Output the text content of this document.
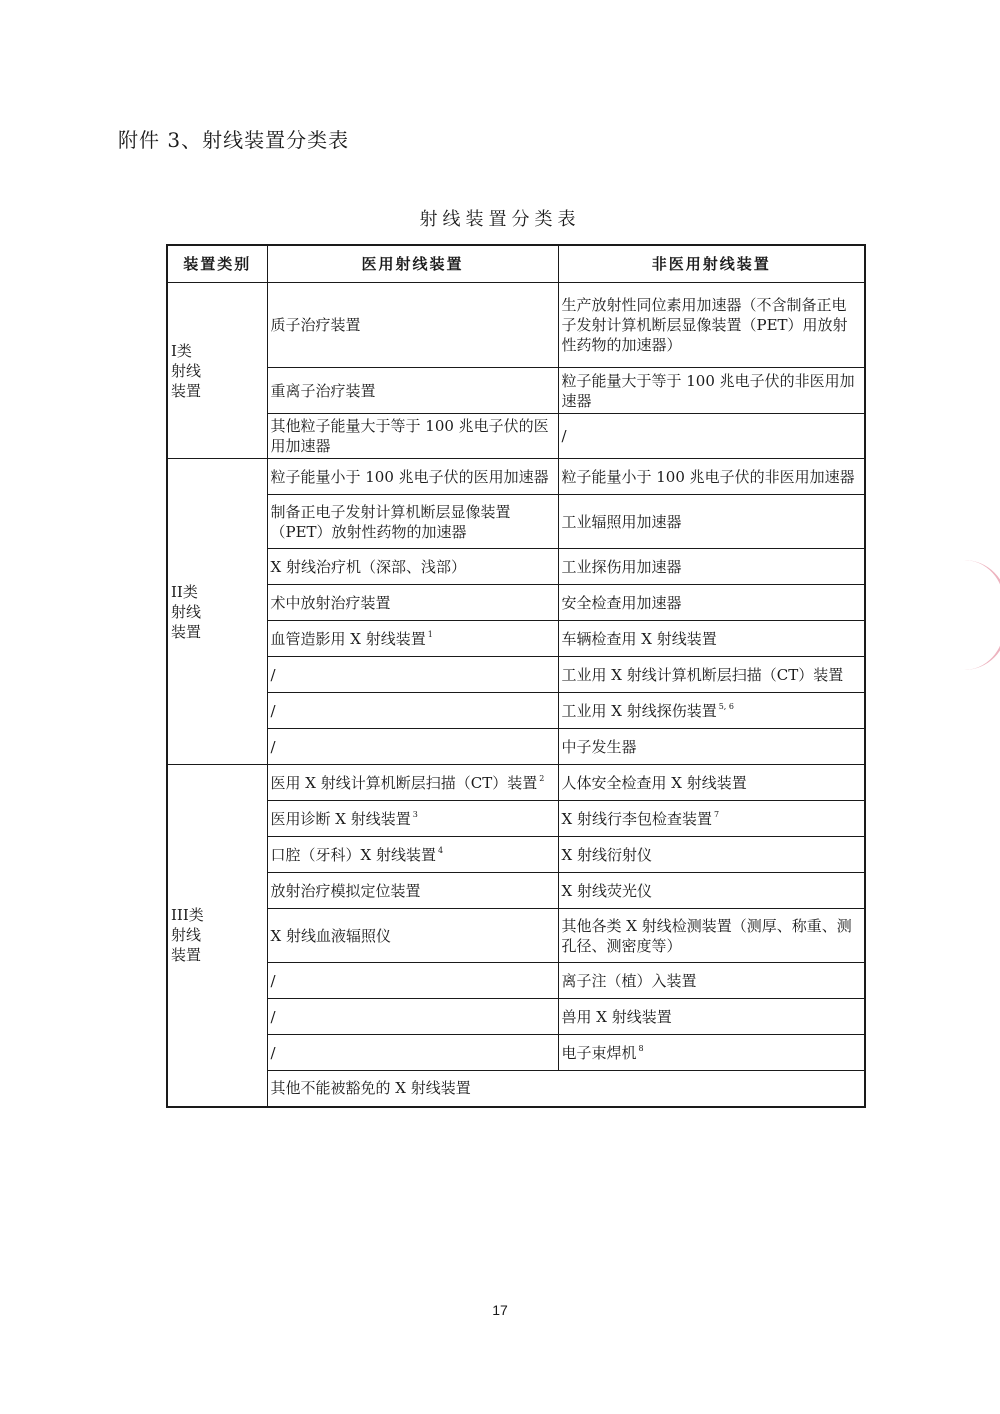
附件 3、射线装置分类表
射线装置分类表
装置类别	医用射线装置	非医用射线装置

I类
射线
装置	质子治疗装置	生产放射性同位素用加速器（不含制备正电子发射计算机断层显像装置（PET）用放射性药物的加速器）
	重离子治疗装置	粒子能量大于等于 100 兆电子伏的非医用加速器
	其他粒子能量大于等于 100 兆电子伏的医用加速器	/

II类
射线
装置	粒子能量小于 100 兆电子伏的医用加速器	粒子能量小于 100 兆电子伏的非医用加速器
	制备正电子发射计算机断层显像装置（PET）放射性药物的加速器	工业辐照用加速器
	X 射线治疗机（深部、浅部）	工业探伤用加速器
	术中放射治疗装置	安全检查用加速器
	血管造影用 X 射线装置 $^1$	车辆检查用 X 射线装置
	/	工业用 X 射线计算机断层扫描（CT）装置
	/	工业用 X 射线探伤装置 $^{5, 6}$
	/	中子发生器

III类
射线
装置	医用 X 射线计算机断层扫描（CT）装置 $^2$	人体安全检查用 X 射线装置
	医用诊断 X 射线装置 $^3$	X 射线行李包检查装置 $^7$
	口腔（牙科）X 射线装置 $^4$	X 射线衍射仪
	放射治疗模拟定位装置	X 射线荧光仪
	X 射线血液辐照仪	其他各类 X 射线检测装置（测厚、称重、测孔径、测密度等）
	/	离子注（植）入装置
	/	兽用 X 射线装置
	/	电子束焊机 $^8$
	其他不能被豁免的 X 射线装置	
17
